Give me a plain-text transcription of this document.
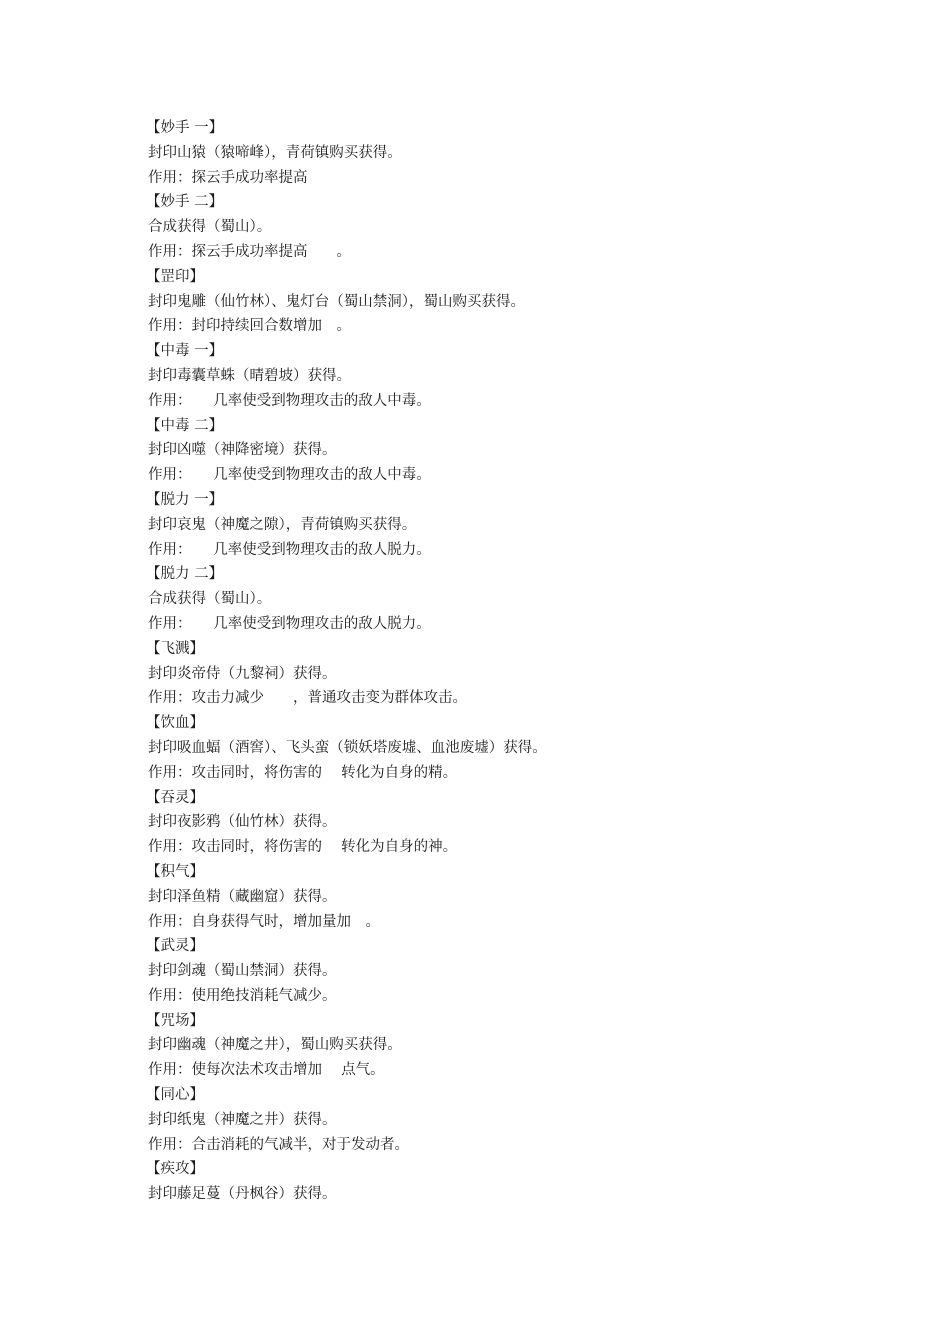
【妙手 一】
封印山猿（猿啼峰），青荷镇购买获得。
作用：探云手成功率提高
【妙手 二】
合成获得（蜀山）。
作用：探云手成功率提高　　。
【罡印】
封印鬼雕（仙竹林）、鬼灯台（蜀山禁洞），蜀山购买获得。
作用：封印持续回合数增加　。
【中毒 一】
封印毒囊草蛛（晴碧坡）获得。
作用：　　几率使受到物理攻击的敌人中毒。
【中毒 二】
封印凶噬（神降密境）获得。
作用：　　几率使受到物理攻击的敌人中毒。
【脱力 一】
封印哀鬼（神魔之隙），青荷镇购买获得。
作用：　　几率使受到物理攻击的敌人脱力。
【脱力 二】
合成获得（蜀山）。
作用：　　几率使受到物理攻击的敌人脱力。
【飞溅】
封印炎帝侍（九黎祠）获得。
作用：攻击力减少　　，普通攻击变为群体攻击。
【饮血】
封印吸血蝠（酒窖）、飞头蛮（锁妖塔废墟、血池废墟）获得。
作用：攻击同时，将伤害的　 转化为自身的精。
【吞灵】
封印夜影鸦（仙竹林）获得。
作用：攻击同时，将伤害的　 转化为自身的神。
【积气】
封印泽鱼精（藏幽窟）获得。
作用：自身获得气时，增加量加　。
【武灵】
封印剑魂（蜀山禁洞）获得。
作用：使用绝技消耗气减少。
【咒场】
封印幽魂（神魔之井），蜀山购买获得。
作用：使每次法术攻击增加　 点气。
【同心】
封印纸鬼（神魔之井）获得。
作用：合击消耗的气减半，对于发动者。
【疾攻】
封印藤足蔓（丹枫谷）获得。
